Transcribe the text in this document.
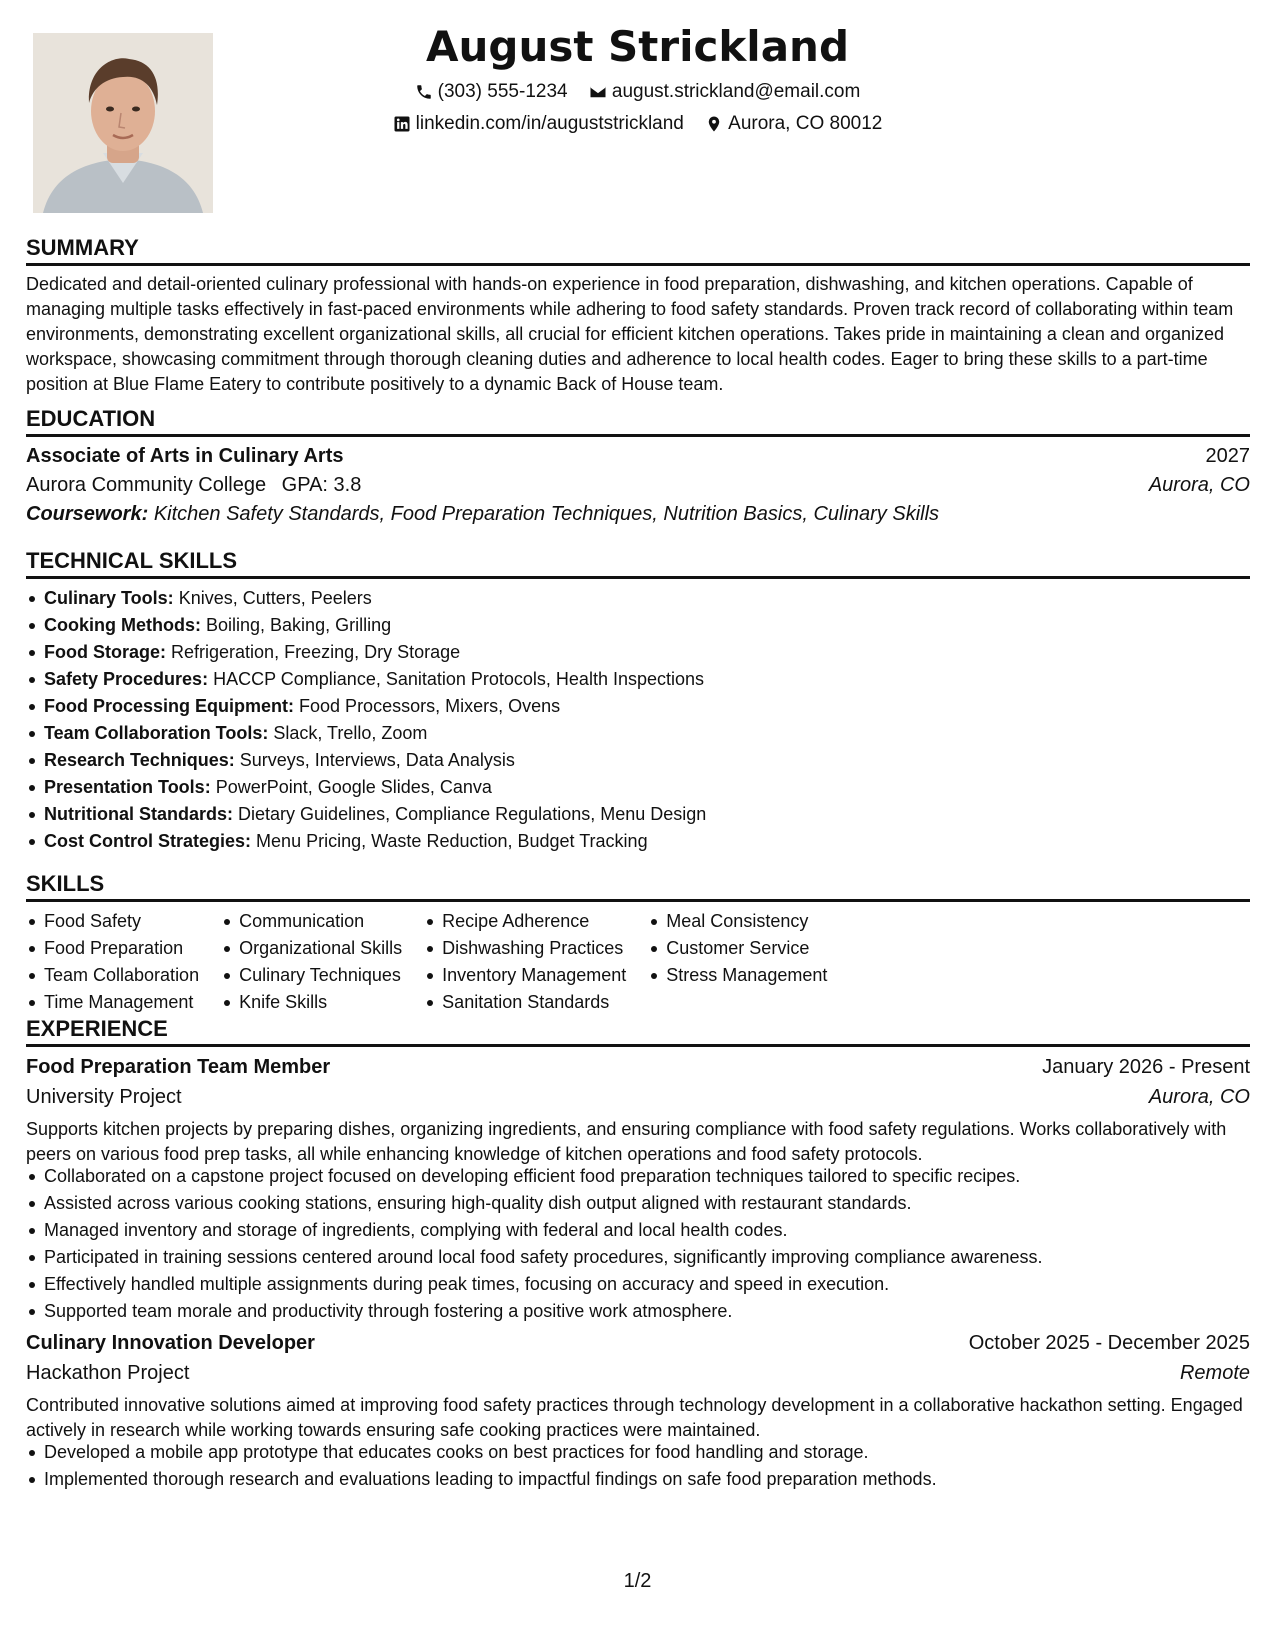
August Strickland
(303) 555-1234
august.strickland@email.com
linkedin.com/in/auguststrickland
Aurora, CO 80012
SUMMARY
Dedicated and detail-oriented culinary professional with hands-on experience in food preparation, dishwashing, and kitchen operations. Capable of managing multiple tasks effectively in fast-paced environments while adhering to food safety standards. Proven track record of collaborating within team environments, demonstrating excellent organizational skills, all crucial for efficient kitchen operations. Takes pride in maintaining a clean and organized workspace, showcasing commitment through thorough cleaning duties and adherence to local health codes. Eager to bring these skills to a part-time position at Blue Flame Eatery to contribute positively to a dynamic Back of House team.
EDUCATION
Associate of Arts in Culinary Arts	2027
Aurora Community College GPA: 3.8	Aurora, CO
Coursework: Kitchen Safety Standards, Food Preparation Techniques, Nutrition Basics, Culinary Skills
TECHNICAL SKILLS
Culinary Tools: Knives, Cutters, Peelers
Cooking Methods: Boiling, Baking, Grilling
Food Storage: Refrigeration, Freezing, Dry Storage
Safety Procedures: HACCP Compliance, Sanitation Protocols, Health Inspections
Food Processing Equipment: Food Processors, Mixers, Ovens
Team Collaboration Tools: Slack, Trello, Zoom
Research Techniques: Surveys, Interviews, Data Analysis
Presentation Tools: PowerPoint, Google Slides, Canva
Nutritional Standards: Dietary Guidelines, Compliance Regulations, Menu Design
Cost Control Strategies: Menu Pricing, Waste Reduction, Budget Tracking
SKILLS
Food Safety
Food Preparation
Team Collaboration
Time Management
Communication
Organizational Skills
Culinary Techniques
Knife Skills
Recipe Adherence
Dishwashing Practices
Inventory Management
Sanitation Standards
Meal Consistency
Customer Service
Stress Management
EXPERIENCE
Food Preparation Team Member	January 2026 - Present
University Project	Aurora, CO
Supports kitchen projects by preparing dishes, organizing ingredients, and ensuring compliance with food safety regulations. Works collaboratively with peers on various food prep tasks, all while enhancing knowledge of kitchen operations and food safety protocols.
Collaborated on a capstone project focused on developing efficient food preparation techniques tailored to specific recipes.
Assisted across various cooking stations, ensuring high-quality dish output aligned with restaurant standards.
Managed inventory and storage of ingredients, complying with federal and local health codes.
Participated in training sessions centered around local food safety procedures, significantly improving compliance awareness.
Effectively handled multiple assignments during peak times, focusing on accuracy and speed in execution.
Supported team morale and productivity through fostering a positive work atmosphere.
Culinary Innovation Developer	October 2025 - December 2025
Hackathon Project	Remote
Contributed innovative solutions aimed at improving food safety practices through technology development in a collaborative hackathon setting. Engaged actively in research while working towards ensuring safe cooking practices were maintained.
Developed a mobile app prototype that educates cooks on best practices for food handling and storage.
Implemented thorough research and evaluations leading to impactful findings on safe food preparation methods.
1/2
